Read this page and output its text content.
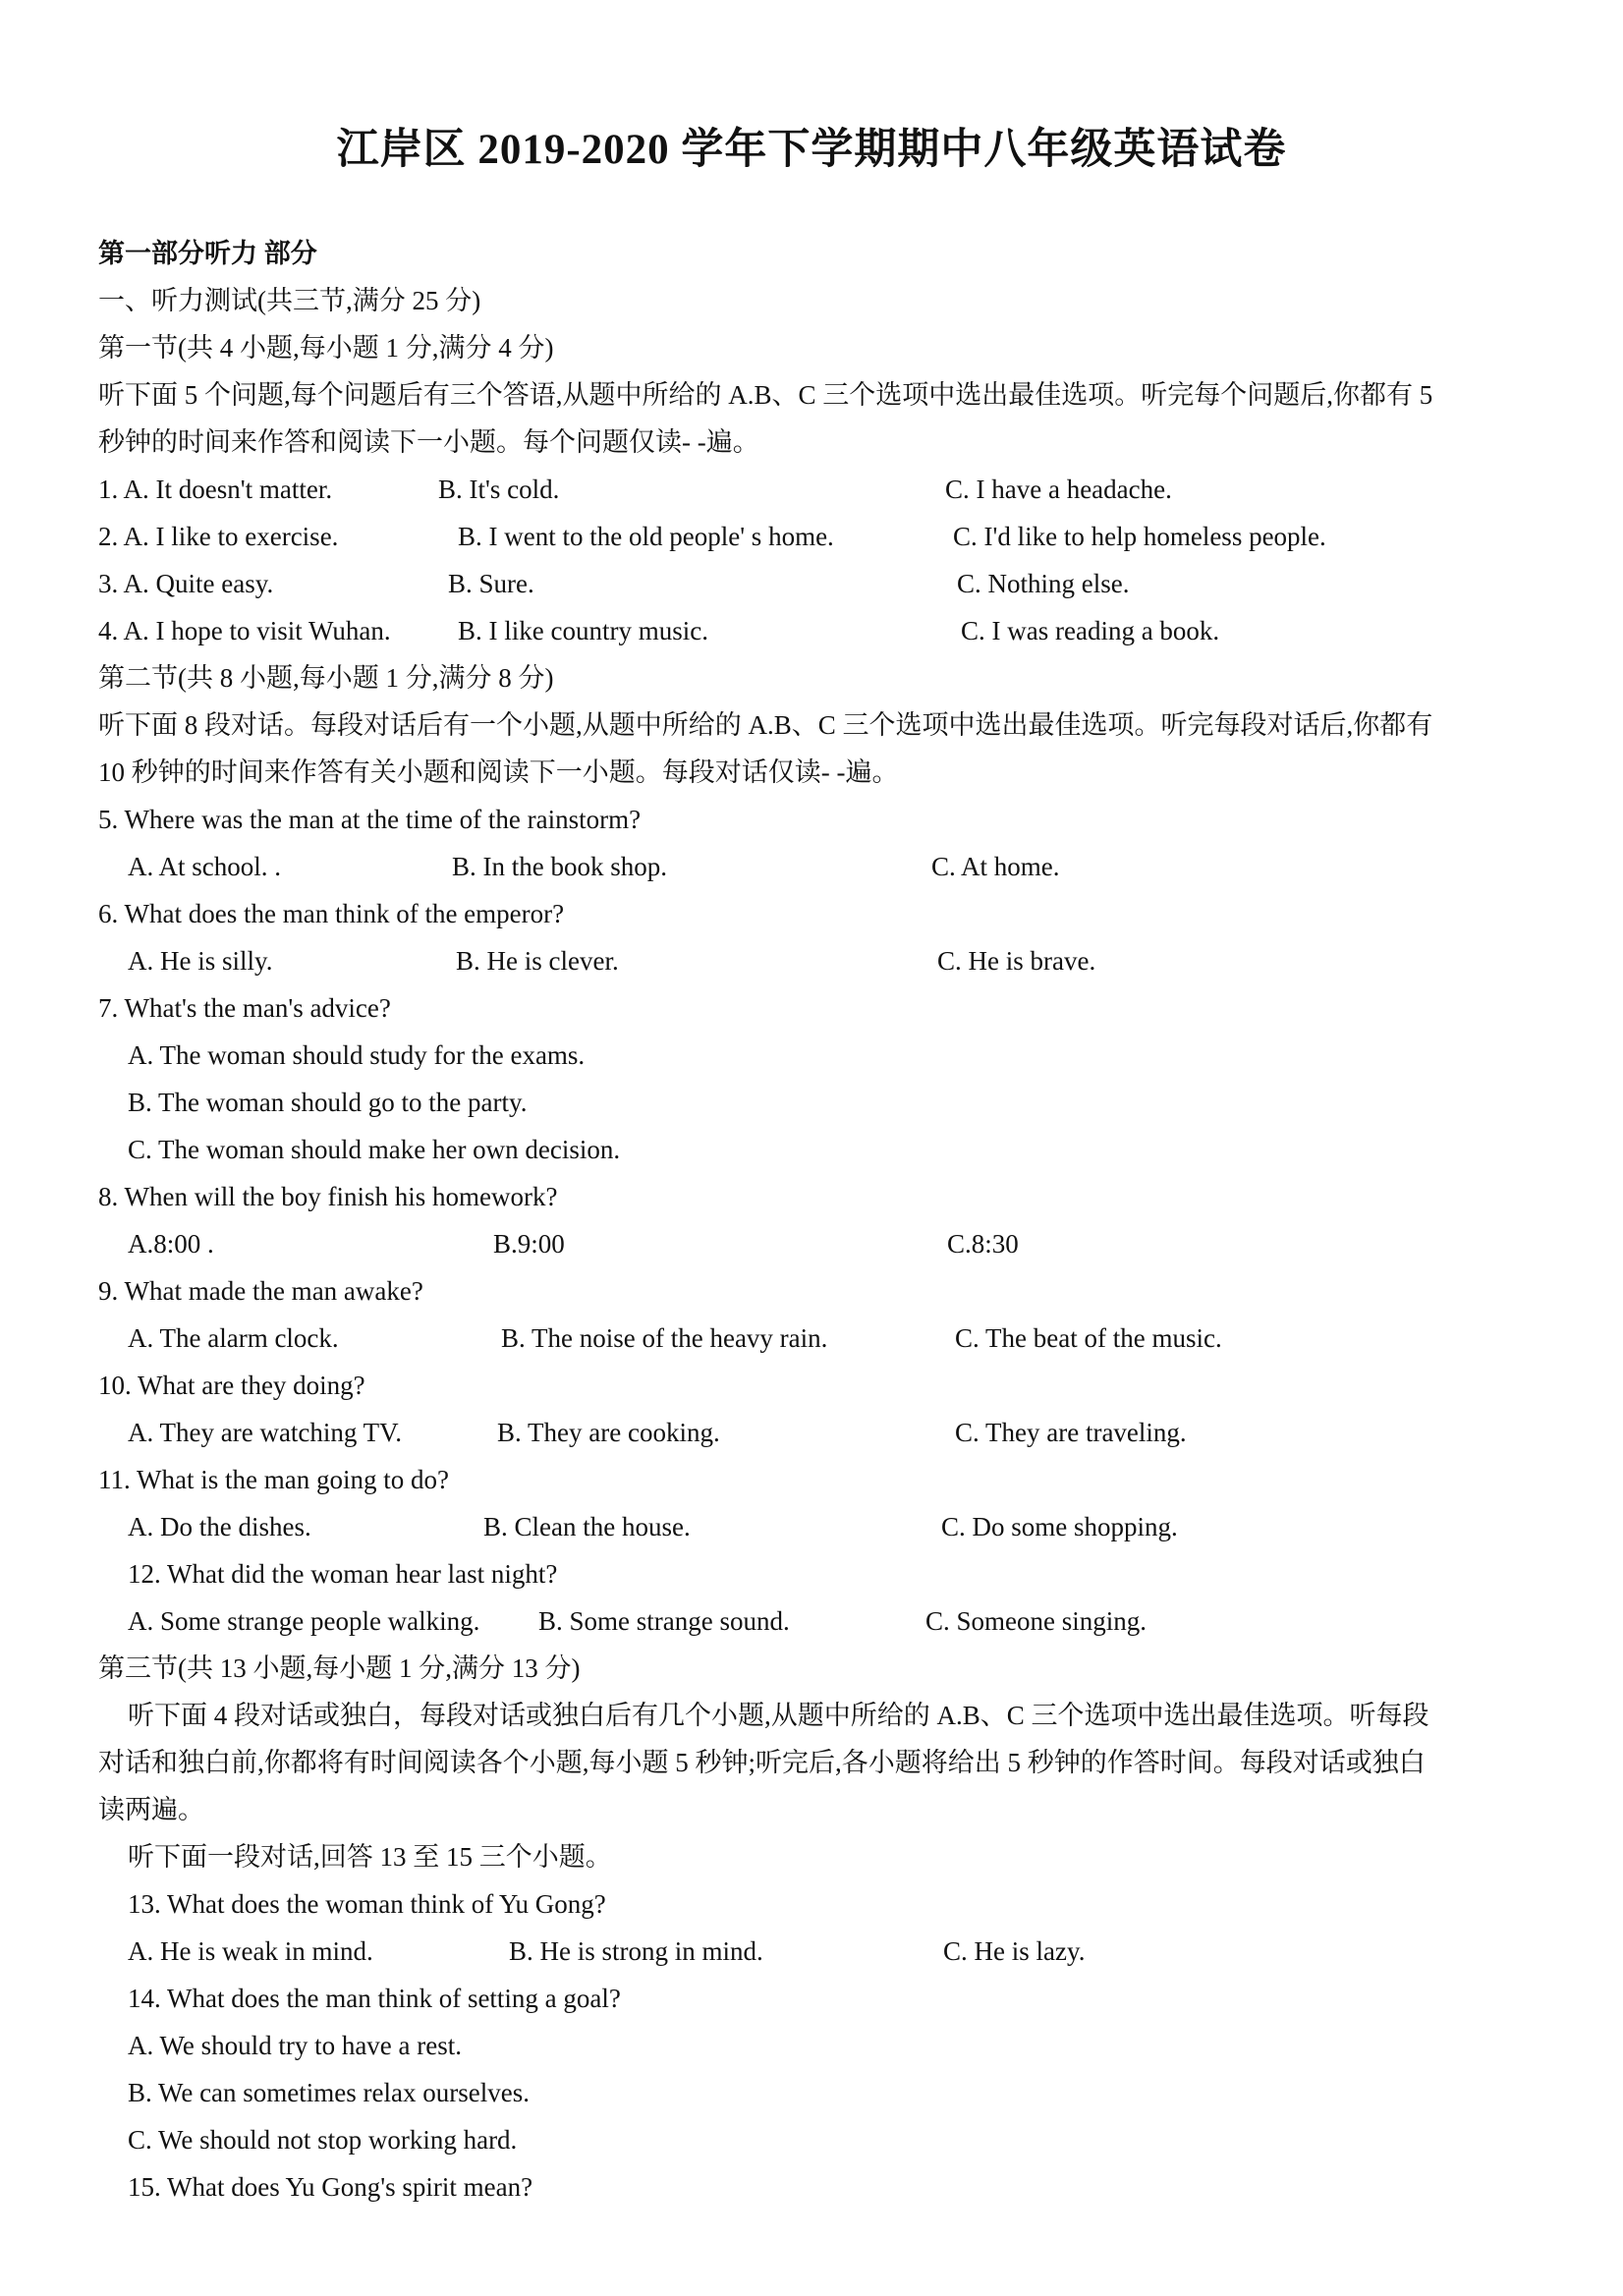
江岸区 2019-2020 学年下学期期中八年级英语试卷
第一部分听力 部分
一、听力测试(共三节,满分 25 分)
第一节(共 4 小题,每小题 1 分,满分 4 分)
听下面 5 个问题,每个问题后有三个答语,从题中所给的 A.B、C 三个选项中选出最佳选项。听完每个问题后,你都有 5
秒钟的时间来作答和阅读下一小题。每个问题仅读- -遍。
1. A. It doesn't matter.	B. It's cold.	C. I have a headache.
2. A. I like to exercise.	B. I went to the old people' s home.	C. I'd like to help homeless people.
3. A. Quite easy.	B. Sure.	C. Nothing else.
4. A. I hope to visit Wuhan.	B. I like country music.	C. I was reading a book.
第二节(共 8 小题,每小题 1 分,满分 8 分)
听下面 8 段对话。每段对话后有一个小题,从题中所给的 A.B、C 三个选项中选出最佳选项。听完每段对话后,你都有
10 秒钟的时间来作答有关小题和阅读下一小题。每段对话仅读- -遍。
5. Where was the man at the time of the rainstorm?
A. At school. .	B. In the book shop.	C. At home.
6. What does the man think of the emperor?
A. He is silly.	B. He is clever.	C. He is brave.
7. What's the man's advice?
A. The woman should study for the exams.
B. The woman should go to the party.
C. The woman should make her own decision.
8. When will the boy finish his homework?
A.8:00 .	B.9:00	C.8:30
9. What made the man awake?
A. The alarm clock.	B. The noise of the heavy rain.	C. The beat of the music.
10. What are they doing?
A. They are watching TV.	B. They are cooking.	C. They are traveling.
11. What is the man going to do?
A. Do the dishes.	B. Clean the house.	C. Do some shopping.
12. What did the woman hear last night?
A. Some strange people walking. B. Some strange sound.	C. Someone singing.
第三节(共 13 小题,每小题 1 分,满分 13 分)
听下面 4 段对话或独白，每段对话或独白后有几个小题,从题中所给的 A.B、C 三个选项中选出最佳选项。听每段
对话和独白前,你都将有时间阅读各个小题,每小题 5 秒钟;听完后,各小题将给出 5 秒钟的作答时间。每段对话或独白
读两遍。
听下面一段对话,回答 13 至 15 三个小题。
13. What does the woman think of Yu Gong?
A. He is weak in mind.	B. He is strong in mind.	C. He is lazy.
14. What does the man think of setting a goal?
A. We should try to have a rest.
B. We can sometimes relax ourselves.
C. We should not stop working hard.
15. What does Yu Gong's spirit mean?
